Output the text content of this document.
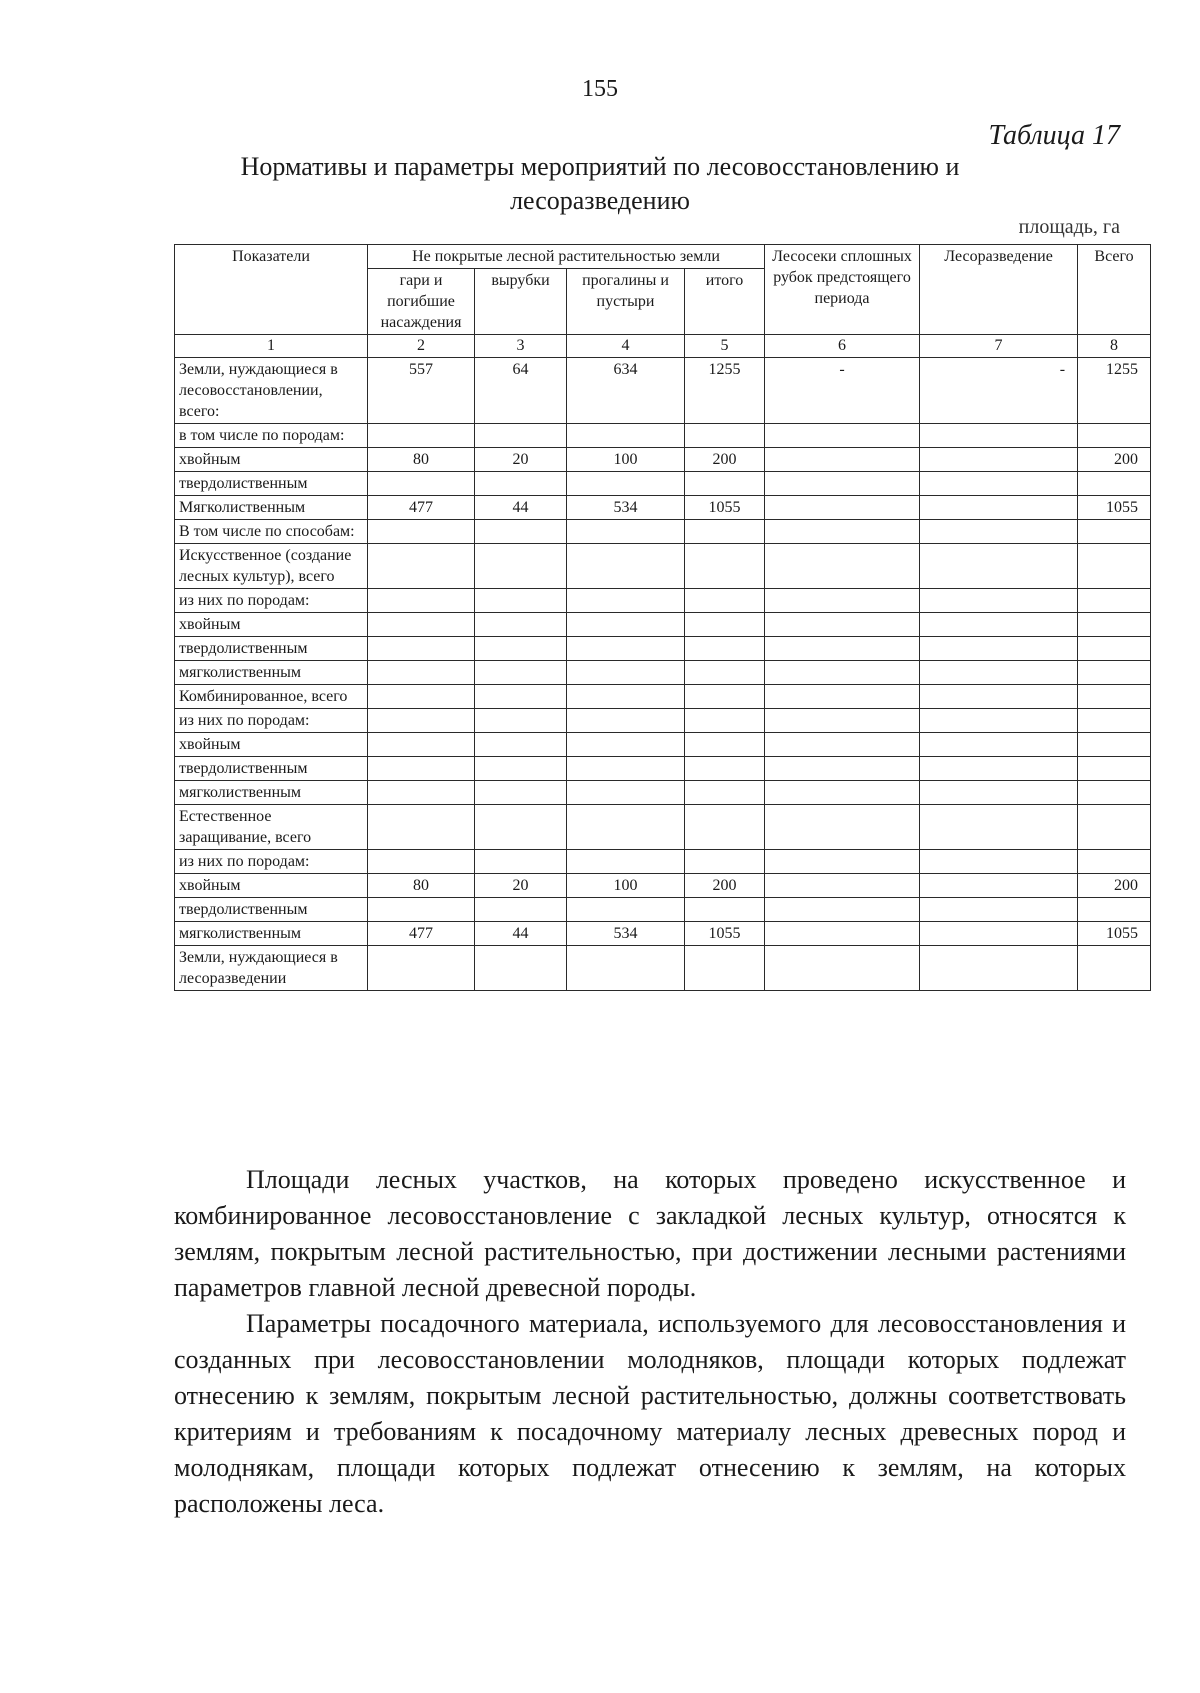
155
Таблица 17
Нормативы и параметры мероприятий по лесовосстановлению и лесоразведению
площадь, га
Показатели	Не покрытые лесной растительностью земли				Лесосеки сплошных рубок предстоящего периода	Лесоразведение	Всего
	гари и погибшие насаждения	вырубки	прогалины и пустыри	итого			
1	2	3	4	5	6	7	8
Земли, нуждающиеся в лесовосстановлении, всего:	557	64	634	1255	-	-	1255
в том числе по породам:							
хвойным	80	20	100	200			200
твердолиственным							
Мягколиственным	477	44	534	1055			1055
В том числе по способам:							
Искусственное (создание лесных культур), всего							
из них по породам:							
хвойным							
твердолиственным							
мягколиственным							
Комбинированное, всего							
из них по породам:							
хвойным							
твердолиственным							
мягколиственным							
Естественное заращивание, всего							
из них по породам:							
хвойным	80	20	100	200			200
твердолиственным							
мягколиственным	477	44	534	1055			1055
Земли, нуждающиеся в лесоразведении							

Площади лесных участков, на которых проведено искусственное и комбинированное лесовосстановление с закладкой лесных культур, относятся к землям, покрытым лесной растительностью, при достижении лесными растениями параметров главной лесной древесной породы.

Параметры посадочного материала, используемого для лесовосстановления и созданных при лесовосстановлении молодняков, площади которых подлежат отнесению к землям, покрытым лесной растительностью, должны соответствовать критериям и требованиям к посадочному материалу лесных древесных пород и молоднякам, площади которых подлежат отнесению к землям, на которых расположены леса.
